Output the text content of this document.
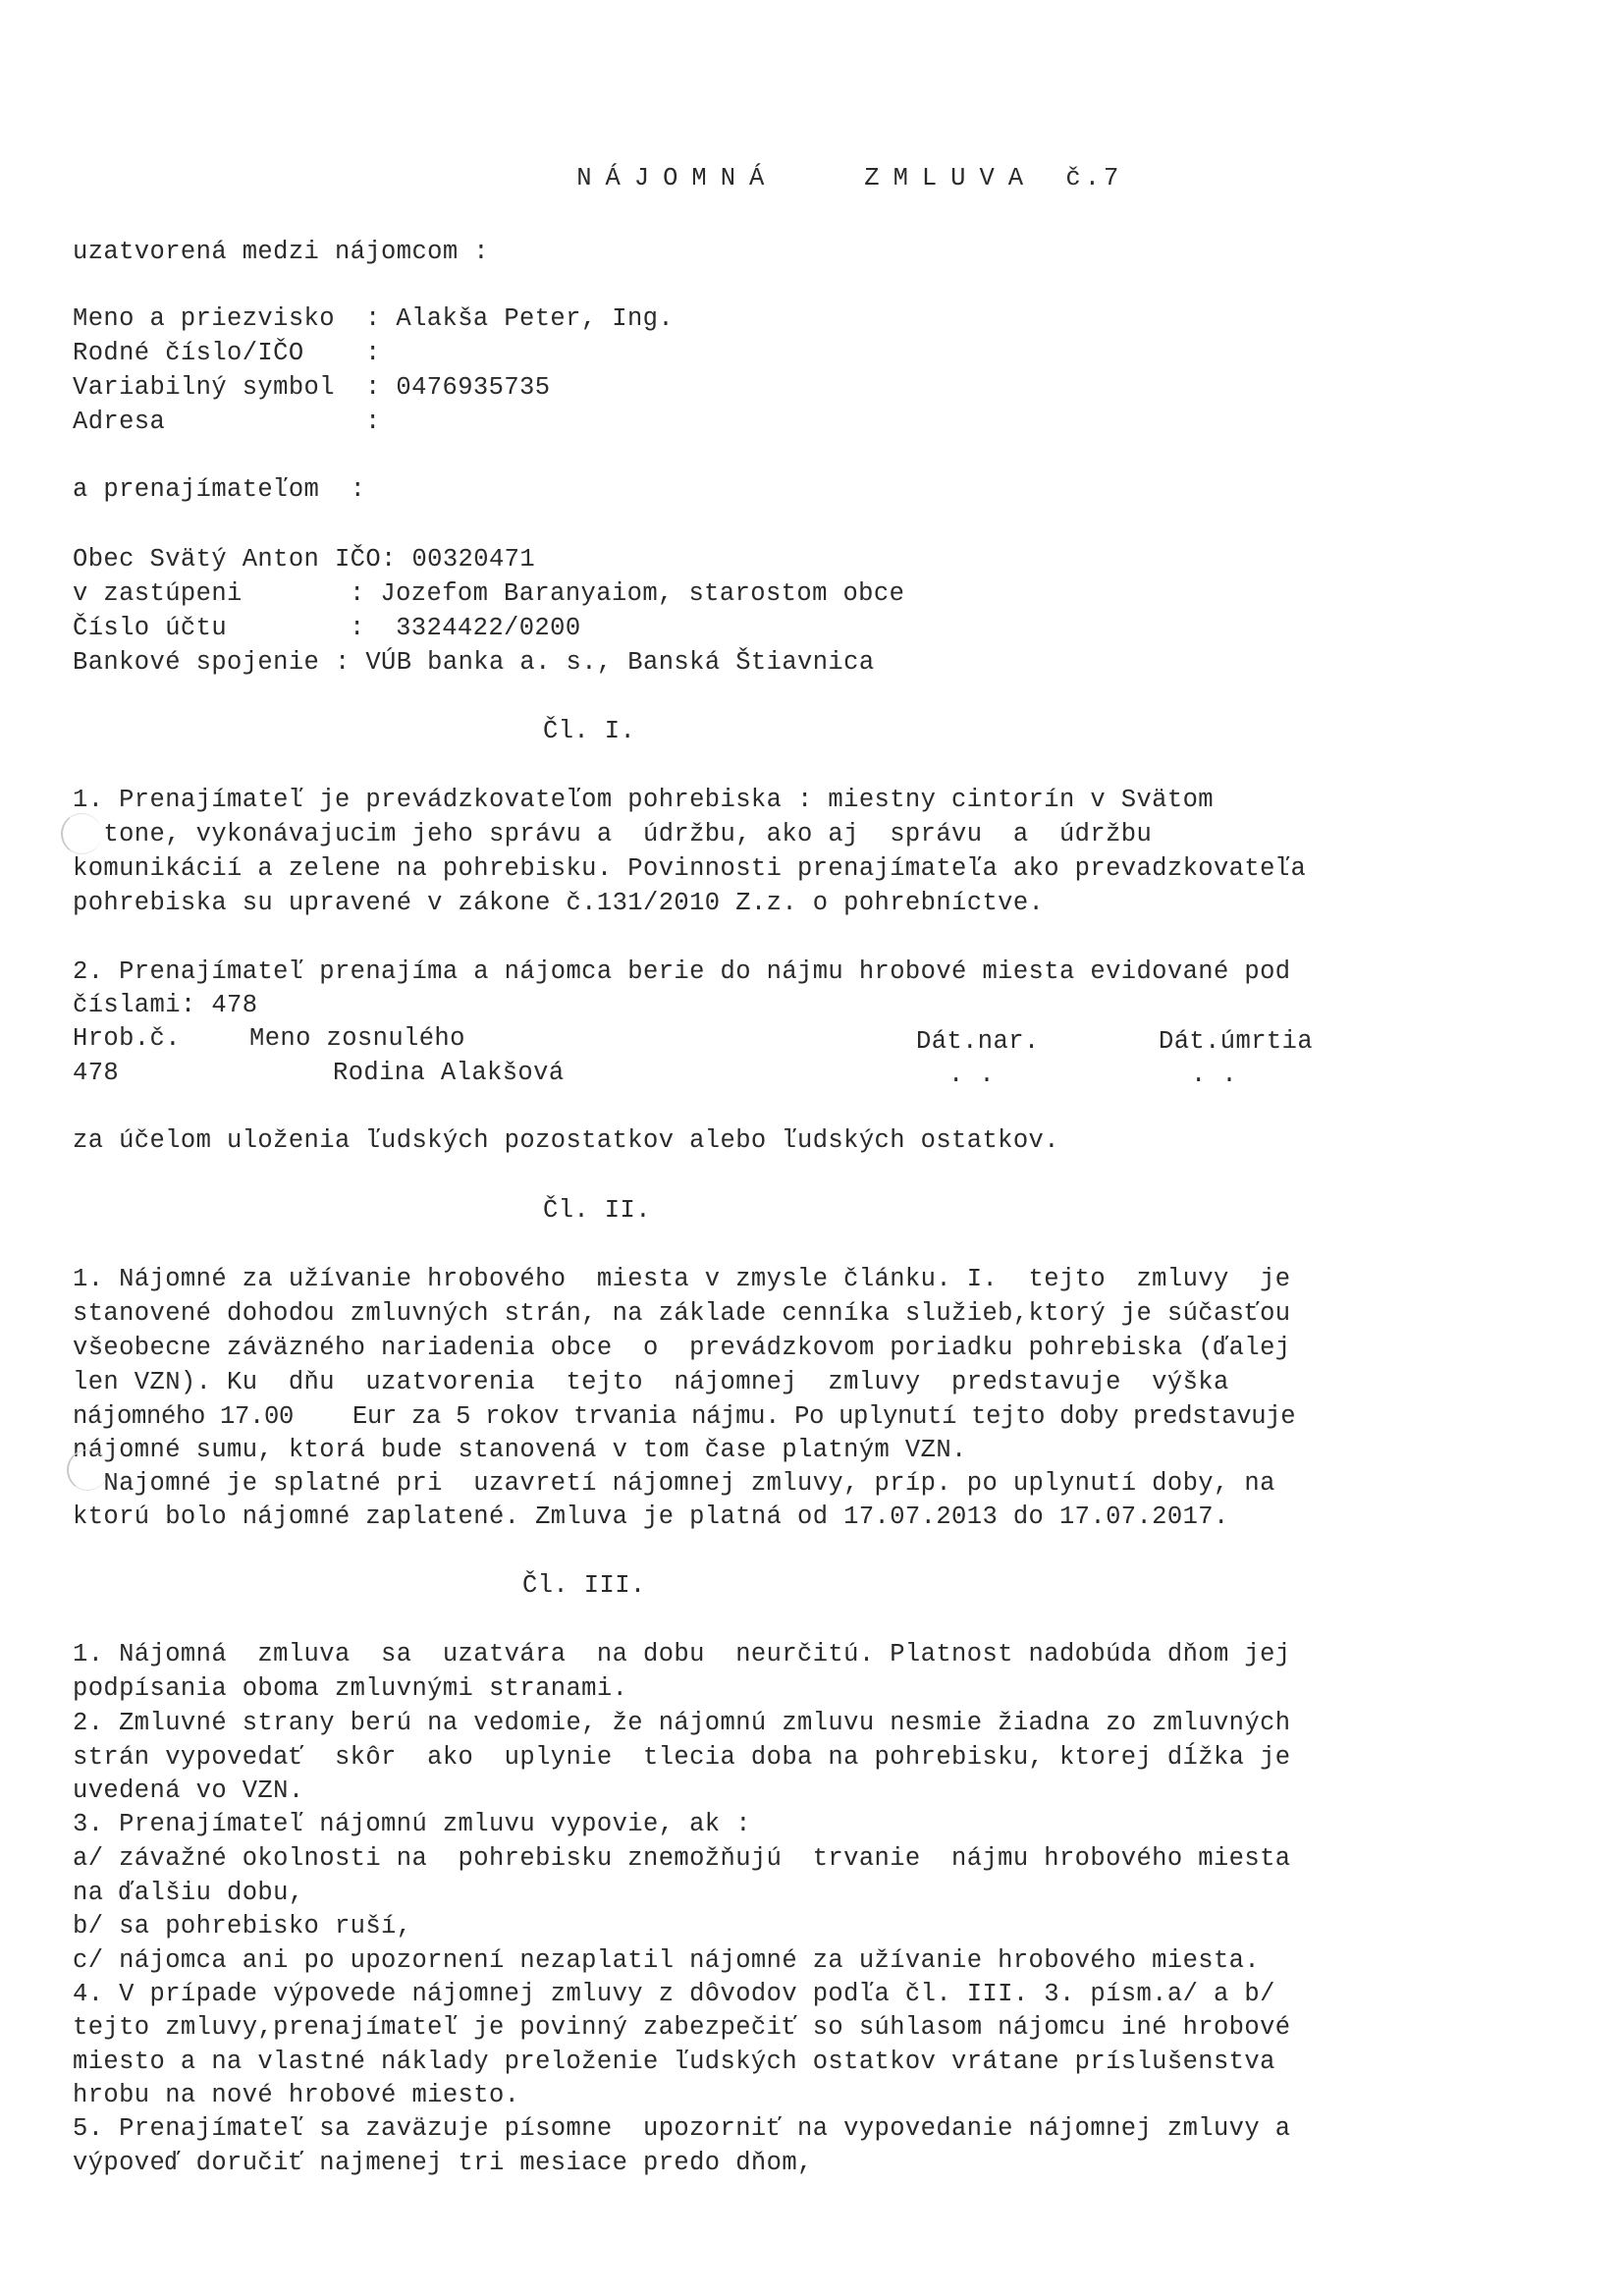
NÁJOMNÁ	ZMLUVA č.7

uzatvorená medzi nájomcom :
Meno a priezvisko : Alakša Peter, Ing.
Rodné číslo/IČO :
Variabilný symbol : 0476935735
Adresa	:
a prenajímateľom  :
Obec Svätý Anton IČO: 00320471
v zastúpeni	: Jozefom Baranyaiom, starostom obce
Číslo účtu	:  3324422/0200
Bankové spojenie : VÚB banka a. s., Banská Štiavnica
Čl. I.
1. Prenajímateľ je prevádzkovateľom pohrebiska : miestny cintorín v Svätom
tone, vykonávajucim jeho správu a  údržbu, ako aj  správu  a  údržbu
komunikácií a zelene na pohrebisku. Povinnosti prenajímateľa ako prevadzkovateľa
pohrebiska su upravené v zákone č.131/2010 Z.z. o pohrebníctve.
2. Prenajímateľ prenajíma a nájomca berie do nájmu hrobové miesta evidované pod
číslami: 478
Hrob.č.	Meno zosnulého	Dát.nar.	Dát.úmrtia
478	Rodina Alakšová	. .	. .
za účelom uloženia ľudských pozostatkov alebo ľudských ostatkov.
Čl. II.
1. Nájomné za užívanie hrobového  miesta v zmysle článku. I.  tejto  zmluvy  je
stanovené dohodou zmluvných strán, na základe cenníka služieb,ktorý je súčasťou
všeobecne záväzného nariadenia obce  o  prevádzkovom poriadku pohrebiska (ďalej
len VZN). Ku  dňu  uzatvorenia  tejto  nájomnej  zmluvy  predstavuje  výška
nájomného 17.00    Eur za 5 rokov trvania nájmu. Po uplynutí tejto doby predstavuje
nájomné sumu, ktorá bude stanovená v tom čase platným VZN.
Najomné je splatné pri  uzavretí nájomnej zmluvy, príp. po uplynutí doby, na
ktorú bolo nájomné zaplatené. Zmluva je platná od 17.07.2013 do 17.07.2017.
Čl. III.
1. Nájomná  zmluva  sa  uzatvára  na dobu  neurčitú. Platnost nadobúda dňom jej
podpísania oboma zmluvnými stranami.
2. Zmluvné strany berú na vedomie, že nájomnú zmluvu nesmie žiadna zo zmluvných
strán vypovedať  skôr  ako  uplynie  tlecia doba na pohrebisku, ktorej dĺžka je
uvedená vo VZN.
3. Prenajímateľ nájomnú zmluvu vypovie, ak :
a/ závažné okolnosti na  pohrebisku znemožňujú  trvanie  nájmu hrobového miesta
na ďalšiu dobu,
b/ sa pohrebisko ruší,
c/ nájomca ani po upozornení nezaplatil nájomné za užívanie hrobového miesta.
4. V prípade výpovede nájomnej zmluvy z dôvodov podľa čl. III. 3. písm.a/ a b/
tejto zmluvy,prenajímateľ je povinný zabezpečiť so súhlasom nájomcu iné hrobové
miesto a na vlastné náklady preloženie ľudských ostatkov vrátane príslušenstva
hrobu na nové hrobové miesto.
5. Prenajímateľ sa zaväzuje písomne  upozorniť na vypovedanie nájomnej zmluvy a
výpoveď doručiť najmenej tri mesiace predo dňom,
